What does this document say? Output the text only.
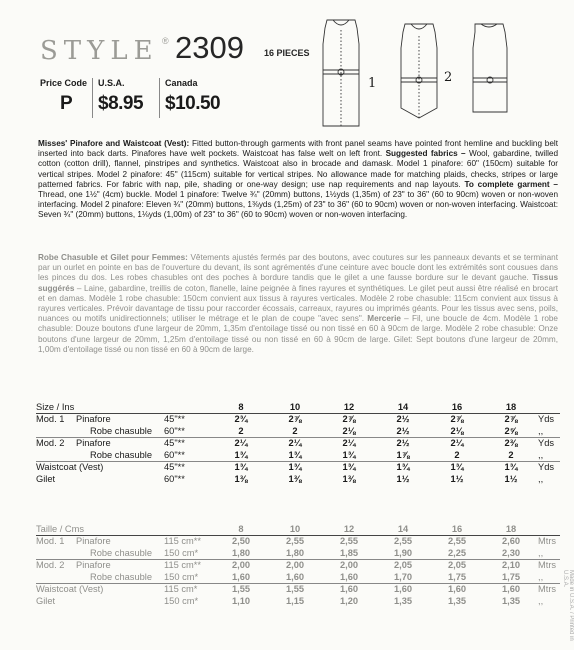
STYLE ® 2309 16 PIECES
Price Code
P
U.S.A.
$8.95
Canada
$10.50
1	2
Misses' Pinafore and Waistcoat (Vest): Fitted button-through garments with front panel seams have pointed front hemline and buckling belt inserted into back darts. Pinafores have welt pockets. Waistcoat has false welt on left front. Suggested fabrics – Wool, gabardine, twilled cotton (cotton drill), flannel, pinstripes and synthetics. Waistcoat also in brocade and damask. Model 1 pinafore: 60" (150cm) suitable for vertical stripes. Model 2 pinafore: 45" (115cm) suitable for vertical stripes. No allowance made for matching plaids, checks, stripes or large patterned fabrics. For fabric with nap, pile, shading or one-way design; use nap requirements and nap layouts. To complete garment – Thread, one 1½" (4cm) buckle. Model 1 pinafore: Twelve ¾" (20mm) buttons, 1½yds (1,35m) of 23" to 36" (60 to 90cm) woven or non-woven interfacing. Model 2 pinafore: Eleven ¾" (20mm) buttons, 1⅜yds (1,25m) of 23" to 36" (60 to 90cm) woven or non-woven interfacing. Waistcoat: Seven ¾" (20mm) buttons, 1⅛yds (1,00m) of 23" to 36" (60 to 90cm) woven or non-woven interfacing.
Robe Chasuble et Gilet pour Femmes: Vêtements ajustés fermés par des boutons, avec coutures sur les panneaux devants et se terminant par un ourlet en pointe en bas de l'ouverture du devant, ils sont agrémentés d'une ceinture avec boucle dont les extrémités sont cousues dans les pinces du dos. Les robes chasubles ont des poches à bordure tandis que le gilet a une fausse bordure sur le devant gauche. Tissus suggérés – Laine, gabardine, treillis de coton, flanelle, laine peignée à fines rayures et synthétiques. Le gilet peut aussi être réalisé en brocart et en damas. Modèle 1 robe chasuble: 150cm convient aux tissus à rayures verticales. Modèle 2 robe chasuble: 115cm convient aux tissus à rayures verticales. Prévoir davantage de tissu pour raccorder écossais, carreaux, rayures ou imprimés géants. Pour les tissus avec sens, poils, nuances ou motifs unidirectionnels; utiliser le métrage et le plan de coupe "avec sens". Mercerie – Fil, une boucle de 4cm. Modèle 1 robe chasuble: Douze boutons d'une largeur de 20mm, 1,35m d'entoilage tissé ou non tissé en 60 à 90cm de large. Modèle 2 robe chasuble: Onze boutons d'une largeur de 20mm, 1,25m d'entoilage tissé ou non tissé en 60 à 90cm de large. Gilet: Sept boutons d'une largeur de 20mm, 1,00m d'entoilage tissé ou non tissé en 60 à 90cm de large.
Size / Ins			8	10	12	14	16	18	
Mod. 1	Pinafore	45"**	2¾	2⅞	2⅞	2½	2⅞	2⅞	Yds
	Robe chasuble	60"**	2	2	2⅛	2½	2⅛	2⅝	,,
Mod. 2	Pinafore	45"**	2¼	2¼	2¼	2½	2¼	2⅜	Yds
	Robe chasuble	60"**	1¾	1¾	1¾	1⅞	2	2	,,
Waistcoat (Vest)		45"**	1¾	1¾	1¾	1¾	1¾	1¾	Yds
Gilet		60"**	1⅜	1⅜	1⅜	1½	1½	1½	,,
Taille / Cms			8	10	12	14	16	18	
Mod. 1	Pinafore	115 cm**	2,50	2,55	2,55	2,55	2,55	2,60	Mtrs
	Robe chasuble	150 cm*	1,80	1,80	1,85	1,90	2,25	2,30	,,
Mod. 2	Pinafore	115 cm**	2,00	2,00	2,00	2,05	2,05	2,10	Mtrs
	Robe chasuble	150 cm*	1,60	1,60	1,60	1,70	1,75	1,75	,,
Waistcoat (Vest)		115 cm*	1,55	1,55	1,60	1,60	1,60	1,60	Mtrs
Gilet		150 cm*	1,10	1,15	1,20	1,35	1,35	1,35	,,	Made in U.S.A. / Printed in U.S.A.
